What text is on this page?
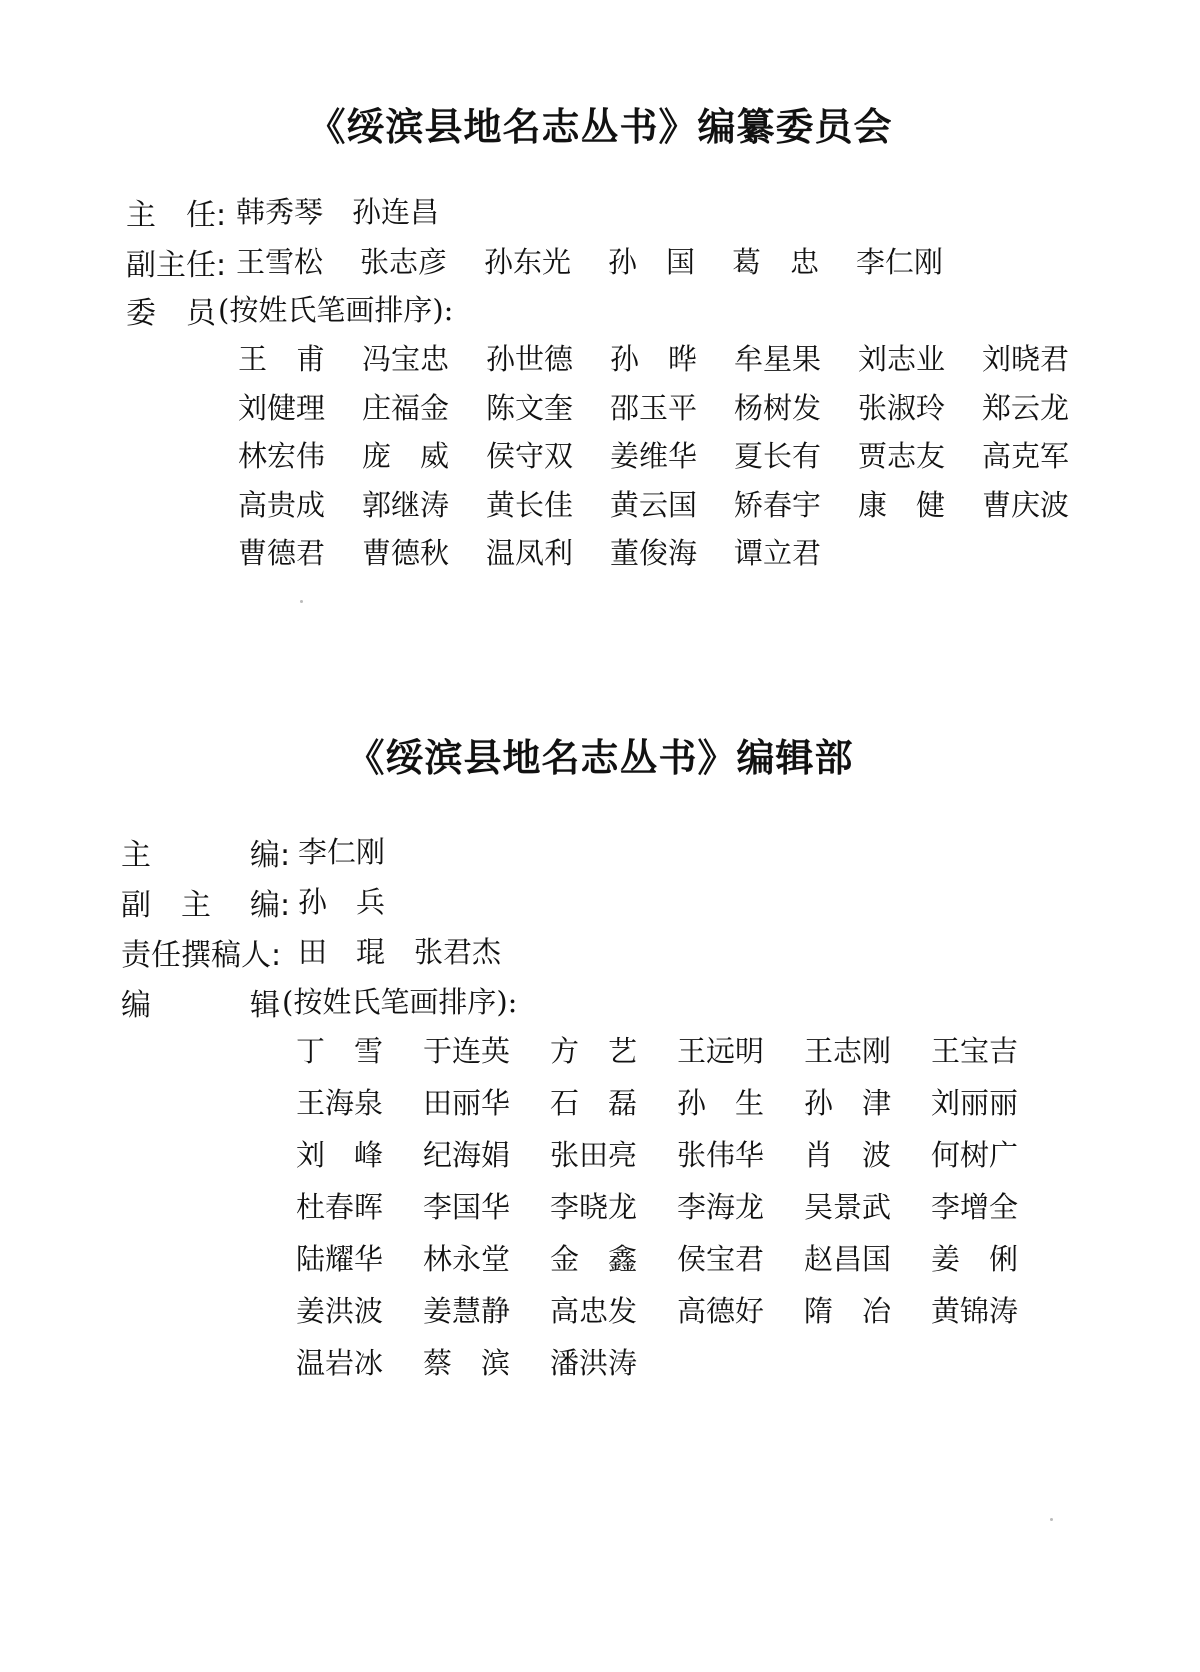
《绥滨县地名志丛书》编纂委员会
主　任: 韩秀琴　孙连昌
副主任: 王雪松 张志彦 孙东光 孙　国 葛　忠 李仁刚
委　员 (按姓氏笔画排序):
王　甫 冯宝忠 孙世德 孙　晔 牟星果 刘志业 刘晓君
刘健理 庄福金 陈文奎 邵玉平 杨树发 张淑玲 郑云龙
林宏伟 庞　威 侯守双 姜维华 夏长有 贾志友 高克军
高贵成 郭继涛 黄长佳 黄云国 矫春宇 康　健 曹庆波
曹德君 曹德秋 温凤利 董俊海 谭立君
《绥滨县地名志丛书》编辑部
主	编: 李仁刚
副　主 编: 孙　兵
责任撰稿人: 田　琨　张君杰
编	辑 (按姓氏笔画排序):
丁　雪 于连英 方　艺 王远明 王志刚 王宝吉
王海泉 田丽华 石　磊 孙　生 孙　津 刘丽丽
刘　峰 纪海娟 张田亮 张伟华 肖　波 何树广
杜春晖 李国华 李晓龙 李海龙 吴景武 李增全
陆耀华 林永堂 金　鑫 侯宝君 赵昌国 姜　俐
姜洪波 姜慧静 高忠发 高德好 隋　冶 黄锦涛
温岩冰 蔡　滨 潘洪涛
